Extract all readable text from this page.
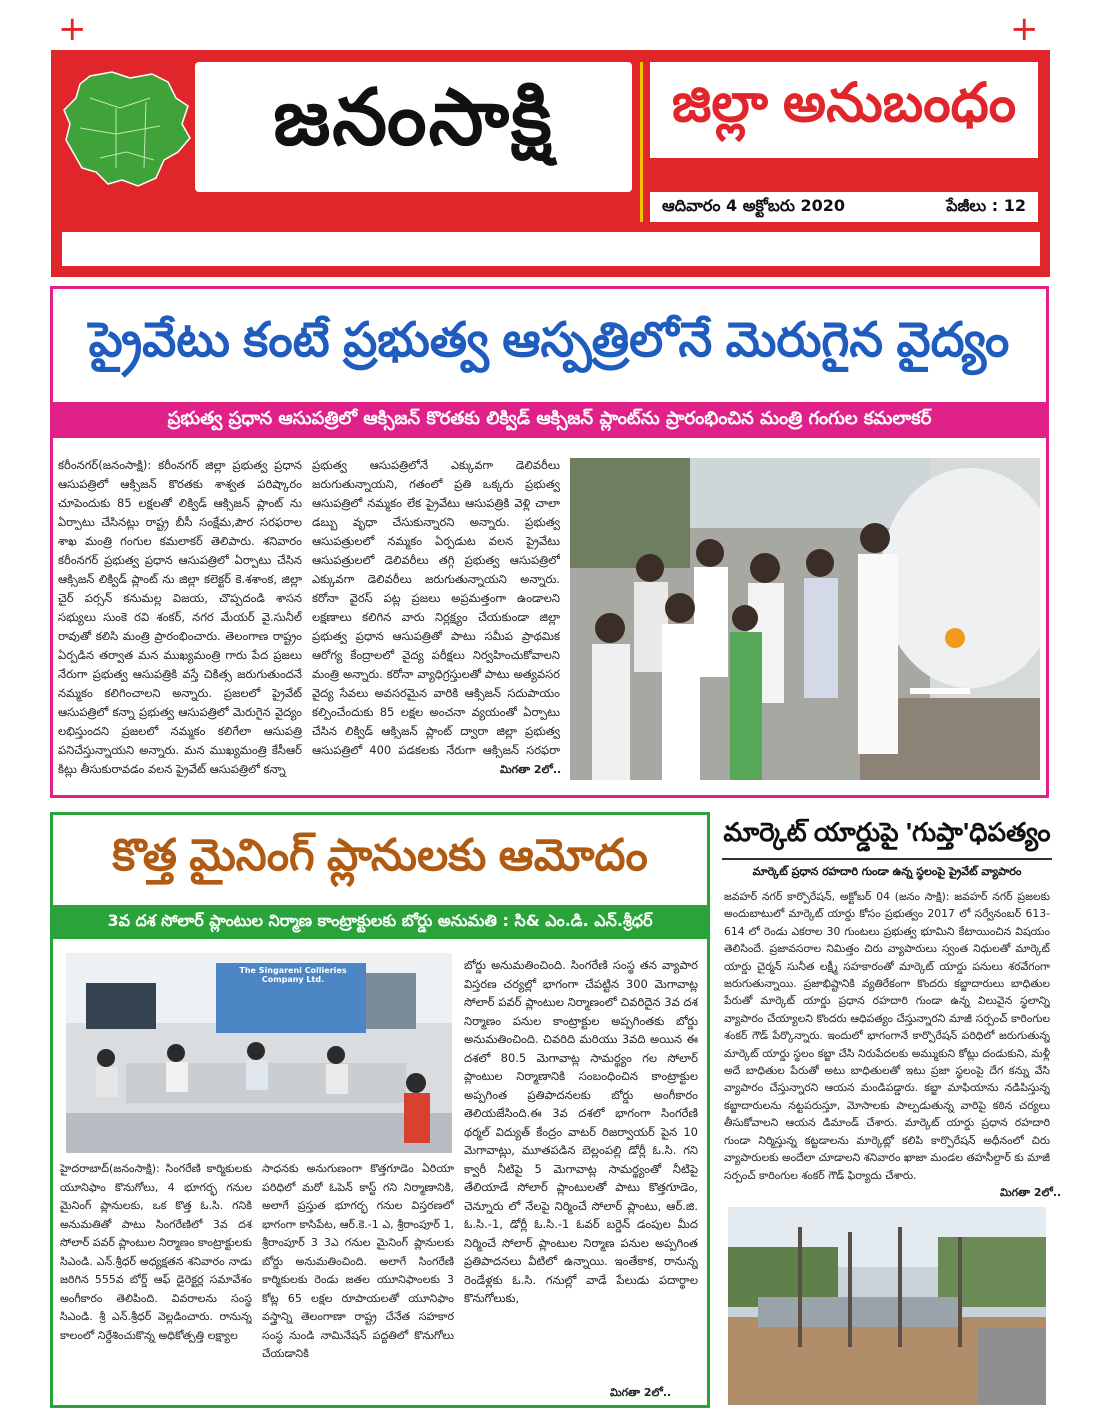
+	+
జనంసాక్షి జిల్లా అనుబంధం
ఆదివారం 4 అక్టోబరు 2020	పేజీలు : 12
ప్రైవేటు కంటే ప్రభుత్వ ఆస్పత్రిలోనే మెరుగైన వైద్యం
ప్రభుత్వ ప్రధాన ఆసుపత్రిలో ఆక్సిజన్ కొరతకు లిక్విడ్ ఆక్సిజన్ ప్లాంట్‌ను ప్రారంభించిన మంత్రి గంగుల కమలాకర్
కరీంనగర్(జనంసాక్షి): కరీంనగర్ జిల్లా ప్రభుత్వ ప్రధాన ఆసుపత్రిలో ఆక్సిజన్ కొరతకు శాశ్వత పరిష్కారం చూపెందుకు 85 లక్షలతో లిక్విడ్ ఆక్సిజన్ ప్లాంట్ ను ఏర్పాటు చేసినట్లు రాష్ట్ర బీసీ సంక్షేమ,పౌర సరఫరాల శాఖ మంత్రి గంగుల కమలాకర్ తెలిపారు. శనివారం కరీంనగర్ ప్రభుత్వ ప్రధాన ఆసుపత్రిలో ఏర్పాటు చేసిన ఆక్సిజన్ లిక్విడ్ ప్లాంట్ ను జిల్లా కలెక్టర్ కె.శశాంక, జిల్లా చైర్ పర్సన్ కనుమల్ల విజయ, చొప్పదండి శాసన సభ్యులు సుంకె రవి శంకర్, నగర మేయర్ వై.సునీల్ రావుతో కలిసి మంత్రి ప్రారంభించారు. తెలంగాణ రాష్ట్రం ఏర్పడిన తర్వాత మన ముఖ్యమంత్రి గారు పేద ప్రజలు నేరుగా ప్రభుత్వ ఆసుపత్రికి వస్తే చికిత్స జరుగుతుందనే నమ్మకం కలిగించాలని అన్నారు. ప్రజలలో ప్రైవేట్ ఆసుపత్రిలో కన్నా ప్రభుత్వ ఆసుపత్రిలో మెరుగైన వైద్యం లభిస్తుందని ప్రజలలో నమ్మకం కలిగేలా ఆసుపత్రి పనిచేస్తున్నాయని అన్నారు. మన ముఖ్యమంత్రి కేసీఆర్ కిట్లు తీసుకురావడం వలన ప్రైవేట్ ఆసుపత్రిలో కన్నా
ప్రభుత్వ ఆసుపత్రిలోనే ఎక్కువగా డెలివరీలు జరుగుతున్నాయని, గతంలో ప్రతి ఒక్కరు ప్రభుత్వ ఆసుపత్రిలో నమ్మకం లేక ప్రైవేటు ఆసుపత్రికి వెళ్లి చాలా డబ్బు వృధా చేసుకున్నారని అన్నారు. ప్రభుత్వ ఆసుపత్రులలో నమ్మకం ఏర్పడుట వలన ప్రైవేటు ఆసుపత్రులలో డెలివరీలు తగ్గి ప్రభుత్వ ఆసుపత్రిలో ఎక్కువగా డెలివరీలు జరుగుతున్నాయని అన్నారు. కరోనా వైరస్ పట్ల ప్రజలు అప్రమత్తంగా ఉండాలని లక్షణాలు కలిగిన వారు నిర్లక్ష్యం చేయకుండా జిల్లా ప్రభుత్వ ప్రధాన ఆసుపత్రితో పాటు సమీప ప్రాథమిక ఆరోగ్య కేంద్రాలలో వైద్య పరీక్షలు నిర్వహించుకోవాలని మంత్రి అన్నారు. కరోనా వ్యాధిగ్రస్తులతో పాటు అత్యవసర వైద్య సేవలు అవసరమైన వారికి ఆక్సిజన్ సదుపాయం కల్పించేందుకు 85 లక్షల అంచనా వ్యయంతో ఏర్పాటు చేసిన లిక్విడ్ ఆక్సిజన్ ప్లాంట్ ద్వారా జిల్లా ప్రభుత్వ ఆసుపత్రిలో 400 పడకలకు నేరుగా ఆక్సిజన్ సరఫరా
మిగతా 2లో..
కొత్త మైనింగ్ ప్లానులకు ఆమోదం
3వ దశ సోలార్ ప్లాంటుల నిర్మాణ కాంట్రాక్టులకు బోర్డు అనుమతి : సి& ఎం.డి. ఎన్.శ్రీధర్
The Singareni Collieries Company Ltd.
బోర్డు అనుమతించింది. సింగరేణి సంస్థ తన వ్యాపార విస్తరణ చర్యల్లో భాగంగా చేపట్టిన 300 మెగావాట్ల సోలార్ పవర్ ప్లాంటుల నిర్మాణంలో చివరిదైన 3వ దశ నిర్మాణం పనుల కాంట్రాక్టుల అప్పగింతకు బోర్డు అనుమతించింది. చివరిది మరియు 3వది అయిన ఈ దశలో 80.5 మెగావాట్ల సామర్థ్యం గల సోలార్ ప్లాంటుల నిర్మాణానికి సంబంధించిన కాంట్రాక్టుల అప్పగింత ప్రతిపాదనలకు బోర్డు అంగీకారం తెలియజేసింది.ఈ 3వ దశలో భాగంగా సింగరేణి థర్మల్ విద్యుత్ కేంద్రం వాటర్ రిజర్వాయర్ పైన 10 మెగావాట్లు, మూతపడిన బెల్లంపల్లి డోర్లీ ఓ.సి. గని క్వారీ నీటిపై 5 మెగావాట్ల సామర్థ్యంతో నీటిపై తేలియాడే సోలార్ ప్లాంటులతో పాటు కొత్తగూడెం, చెన్నూరు లో నేలపై నిర్మించే సోలార్ ప్లాంటు, ఆర్.జి. ఓ.సి.-1, డోర్లీ ఓ.సి.-1 ఓవర్ బర్డెన్ డంపుల మీద నిర్మించే సోలార్ ప్లాంటుల నిర్మాణ పనుల అప్పగింత ప్రతిపాదనలు వీటిలో ఉన్నాయి. ఇంతేకాక, రానున్న రెండేళ్లకు ఓ.సి. గనుల్లో వాడే పేలుడు పదార్థాల కొనుగోలుకు,
హైదరాబాద్(జనంసాక్షి): సింగరేణి కార్మికులకు యూనిఫాం కొనుగోలు, 4 భూగర్భ గనుల మైనింగ్ ప్లానులకు, ఒక కొత్త ఓ.సి. గనికి అనుమతితో పాటు సింగరేణిలో 3వ దశ సోలార్ పవర్ ప్లాంటుల నిర్మాణం కాంట్రాక్టులకు సిఎండి. ఎన్.శ్రీధర్ అధ్యక్షతన శనివారం నాడు జరిగిన 555వ బోర్డ్ ఆఫ్ డైరెక్టర్ల సమావేశం అంగీకారం తెలిపింది. వివరాలను సంస్థ సిఎండి. శ్రీ ఎన్.శ్రీధర్ వెల్లడించారు. రానున్న కాలంలో నిర్దేశించుకొన్న అధికోత్పత్తి లక్ష్యాల
సాధనకు అనుగుణంగా కొత్తగూడెం ఏరియా పరిధిలో మరో ఓపెన్ కాస్ట్ గని నిర్మాణానికి, అలాగే ప్రస్తుత భూగర్భ గనుల విస్తరణలో భాగంగా కాసిపేట, ఆర్.కె.-1 ఎ, శ్రీరాంపూర్ 1, శ్రీరాంపూర్ 3 3ఎ గనుల మైనింగ్ ప్లానులకు బోర్డు అనుమతించింది. అలాగే సింగరేణి కార్మికులకు రెండు జతల యూనిఫాంలకు 3 కోట్ల 65 లక్షల రూపాయలతో యూనిఫాం వస్త్రాన్ని తెలంగాణా రాష్ట్ర చేనేత సహకార సంస్థ నుండి నామినేషన్ పద్దతిలో కొనుగోలు చేయడానికి
మిగతా 2లో..
మార్కెట్ యార్డుపై 'గుప్తా'ధిపత్యం
మార్కెట్ ప్రధాన రహదారి గుండా ఉన్న స్థలంపై ప్రైవేట్ వ్యాపారం
జవహర్ నగర్ కార్పొరేషన్, అక్టోబర్ 04 (జనం సాక్షి): జవహర్ నగర్ ప్రజలకు అందుబాటులో మార్కెట్ యార్డు కోసం ప్రభుత్వం 2017 లో సర్వేనంబర్ 613-614 లో రెండు ఎకరాల 30 గుంటలు ప్రభుత్వ భూమిని కేటాయించిన విషయం తెలిసిందే. ప్రజావసరాల నిమిత్తం చిరు వ్యాపారులు స్వంత నిధులతో మార్కెట్ యార్డు చైర్మన్ సునీత లక్ష్మీ సహకారంతో మార్కెట్ యార్డు పనులు శరవేగంగా జరుగుతున్నాయి. ప్రజాభిష్టానికి వ్యతిరేకంగా కొందరు కబ్జాదారులు బాధితుల పేరుతో మార్కెట్ యార్డు ప్రధాన రహదారి గుండా ఉన్న విలువైన స్థలాన్ని వ్యాపారం చేయ్యాలని కొందరు ఆధిపత్యం చేస్తున్నారని మాజీ సర్పంచ్ కారింగుల శంకర్ గౌడ్ పేర్కొన్నారు. ఇందులో భాగంగానే కార్పొరేషన్ పరిధిలో జరుగుతున్న మార్కెట్ యార్డు స్థలం కబ్జా చేసి నిరుపేదలకు అమ్ముకుని కోట్లు దండుకుని, మళ్లీ అదే బాధితుల పేరుతో అటు బాధితులతో ఇటు ప్రజా స్థలంపై దేగ కన్ను వేసి వ్యాపారం చేస్తున్నారని ఆయన మండిపడ్డారు. కబ్జా మాఫియాను నడిపిస్తున్న కబ్జాదారులను నట్టపరుస్తూ, మోసాలకు పాల్పడుతున్న వారిపై కఠిన చర్యలు తీసుకోవాలని ఆయన డిమాండ్ చేశారు. మార్కెట్ యార్డు ప్రధాన రహదారి గుండా నిర్మిస్తున్న కట్టడాలను మార్కెట్లో కలిపి కార్పొరేషన్ అధీనంలో చిరు వ్యాపారులకు అందేలా చూడాలని శనివారం ఖాజా మండల తహసీల్దార్ కు మాజీ సర్పంచ్ కారింగుల శంకర్ గౌడ్ ఫిర్యాదు చేశారు.
మిగతా 2లో..
